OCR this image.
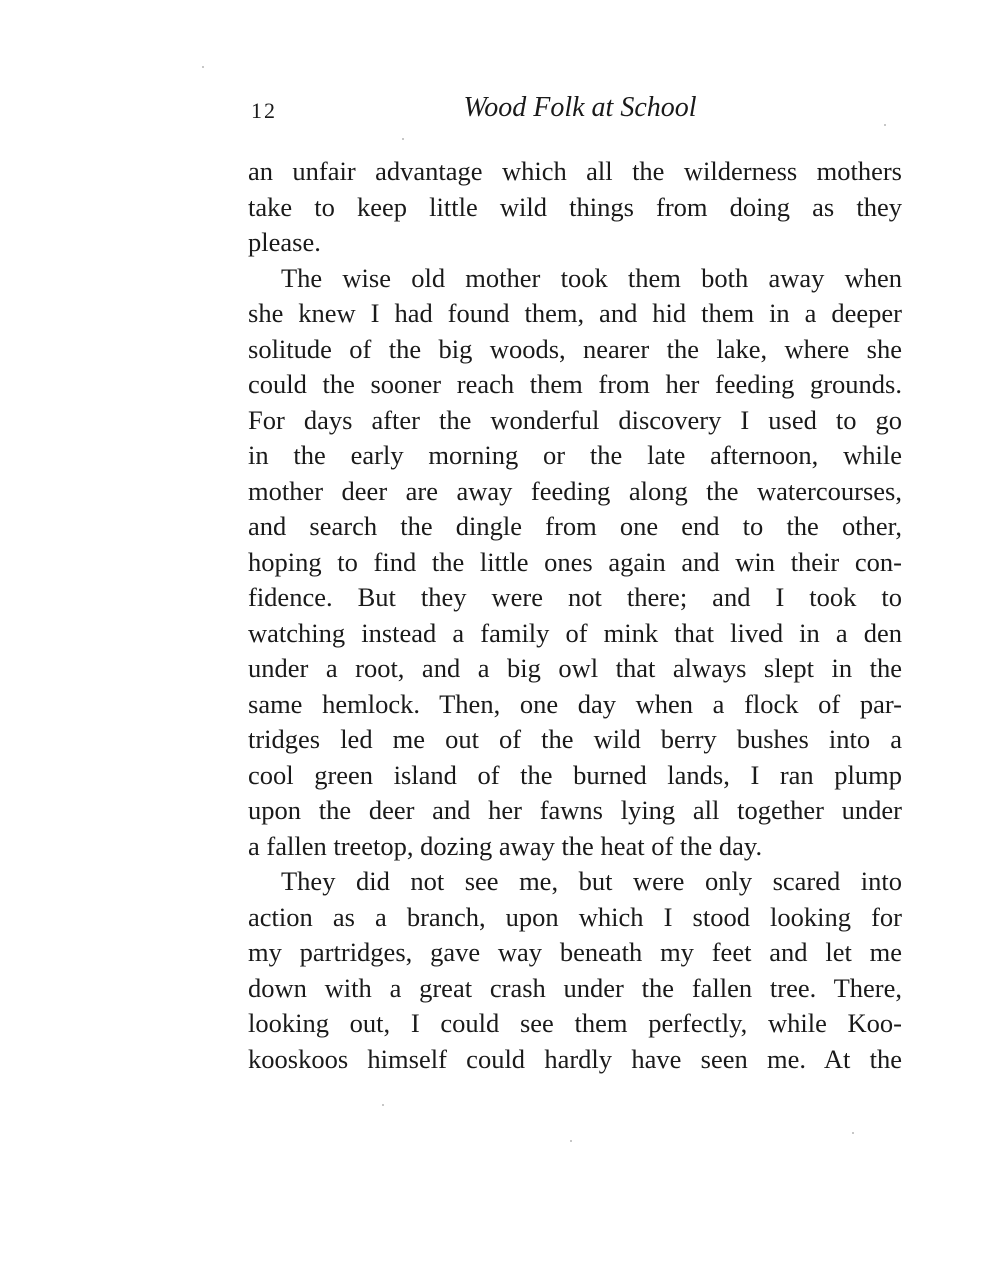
12	Wood Folk at School
an unfair advantage which all the wilderness mothers
take to keep little wild things from doing as they
please.
The wise old mother took them both away when
she knew I had found them, and hid them in a deeper
solitude of the big woods, nearer the lake, where she
could the sooner reach them from her feeding grounds.
For days after the wonderful discovery I used to go
in the early morning or the late afternoon, while
mother deer are away feeding along the watercourses,
and search the dingle from one end to the other,
hoping to find the little ones again and win their con-
fidence. But they were not there; and I took to
watching instead a family of mink that lived in a den
under a root, and a big owl that always slept in the
same hemlock. Then, one day when a flock of par-
tridges led me out of the wild berry bushes into a
cool green island of the burned lands, I ran plump
upon the deer and her fawns lying all together under
a fallen treetop, dozing away the heat of the day.
They did not see me, but were only scared into
action as a branch, upon which I stood looking for
my partridges, gave way beneath my feet and let me
down with a great crash under the fallen tree. There,
looking out, I could see them perfectly, while Koo-
kooskoos himself could hardly have seen me. At the
